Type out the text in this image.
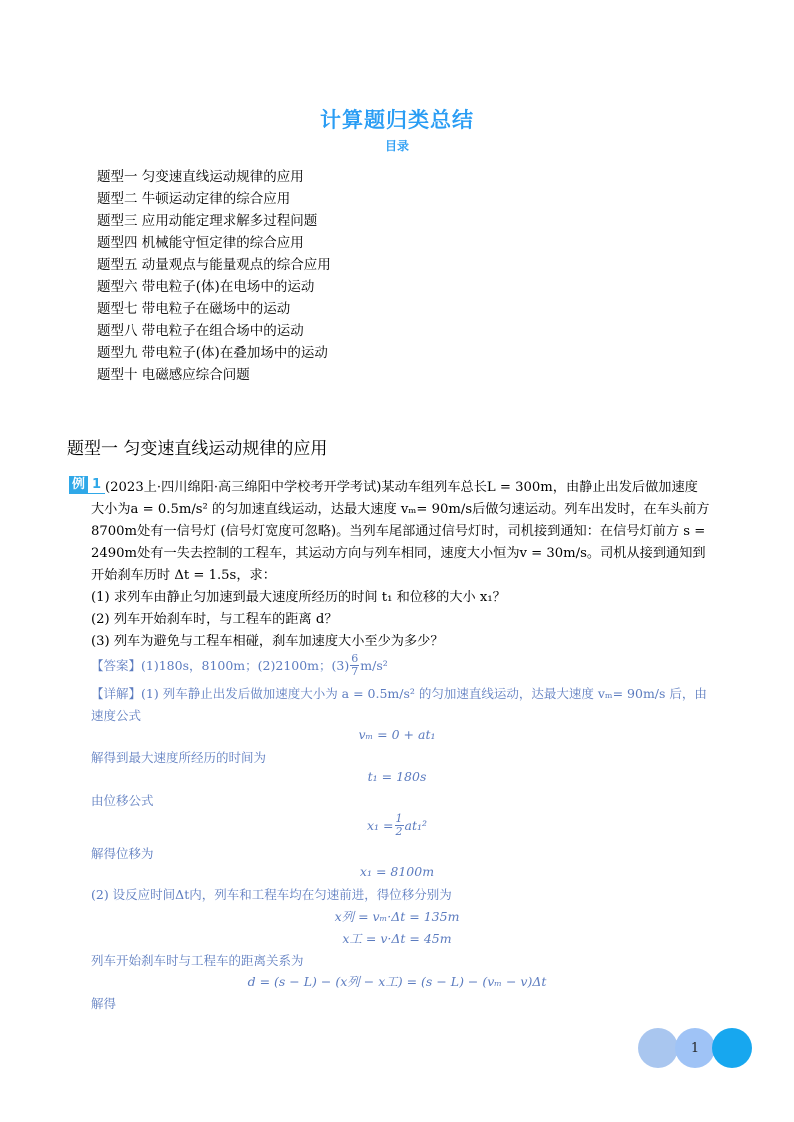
计算题归类总结
目录
题型一 匀变速直线运动规律的应用
题型二 牛顿运动定律的综合应用
题型三 应用动能定理求解多过程问题
题型四 机械能守恒定律的综合应用
题型五 动量观点与能量观点的综合应用
题型六 带电粒子(体)在电场中的运动
题型七 带电粒子在磁场中的运动
题型八 带电粒子在组合场中的运动
题型九 带电粒子(体)在叠加场中的运动
题型十 电磁感应综合问题
题型一 匀变速直线运动规律的应用
例 1 (2023上·四川绵阳·高三绵阳中学校考开学考试)某动车组列车总长L = 300m，由静止出发后做加速度
大小为a = 0.5m/s² 的匀加速直线运动，达最大速度 vₘ= 90m/s后做匀速运动。列车出发时，在车头前方
8700m处有一信号灯 (信号灯宽度可忽略)。当列车尾部通过信号灯时，司机接到通知：在信号灯前方 s =
2490m处有一失去控制的工程车，其运动方向与列车相同，速度大小恒为v = 30m/s。司机从接到通知到
开始刹车历时 Δt = 1.5s，求：
(1) 求列车由静止匀加速到最大速度所经历的时间 t₁ 和位移的大小 x₁？
(2) 列车开始刹车时，与工程车的距离 d？
(3) 列车为避免与工程车相碰，刹车加速度大小至少为多少？
【答案】 (1)180s，8100m；(2)2100m；$(3) \frac{6}{7} m/s^2$
【详解】(1) 列车静止出发后做加速度大小为 a = 0.5m/s² 的匀加速直线运动，达最大速度 vₘ= 90m/s 后，由
速度公式
vₘ = 0 + at₁
解得到最大速度所经历的时间为
t₁ = 180s
由位移公式
$x_1 = \frac{1}{2} at_1^2$
解得位移为
x₁ = 8100m
(2) 设反应时间Δt内，列车和工程车均在匀速前进，得位移分别为
x列 = vₘ·Δt = 135m
x工 = v·Δt = 45m
列车开始刹车时与工程车的距离关系为
d = (s − L) − (x列 − x工) = (s − L) − (vₘ − v)Δt
解得
1
